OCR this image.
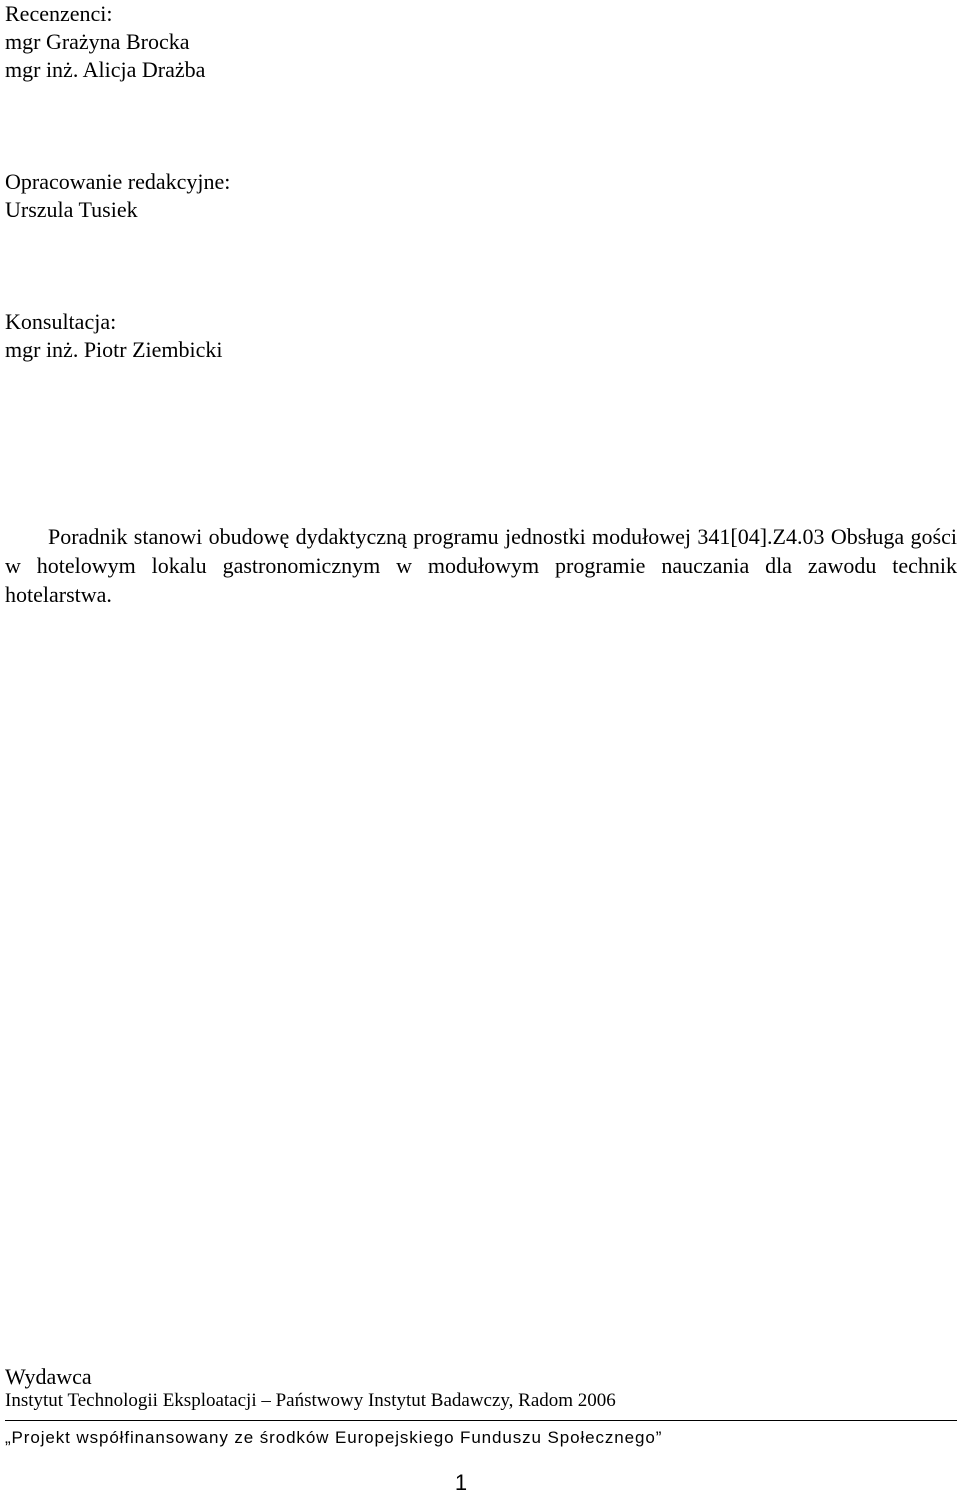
Recenzenci:
mgr Grażyna Brocka
mgr inż. Alicja Drażba
Opracowanie redakcyjne:
Urszula Tusiek
Konsultacja:
mgr inż. Piotr Ziembicki

Poradnik stanowi obudowę dydaktyczną programu jednostki modułowej 341[04].Z4.03 Obsługa gości w hotelowym lokalu gastronomicznym w modułowym programie nauczania dla zawodu technik hotelarstwa.

Wydawca

Instytut Technologii Eksploatacji – Państwowy Instytut Badawczy, Radom 2006

„Projekt współfinansowany ze środków Europejskiego Funduszu Społecznego”

1
